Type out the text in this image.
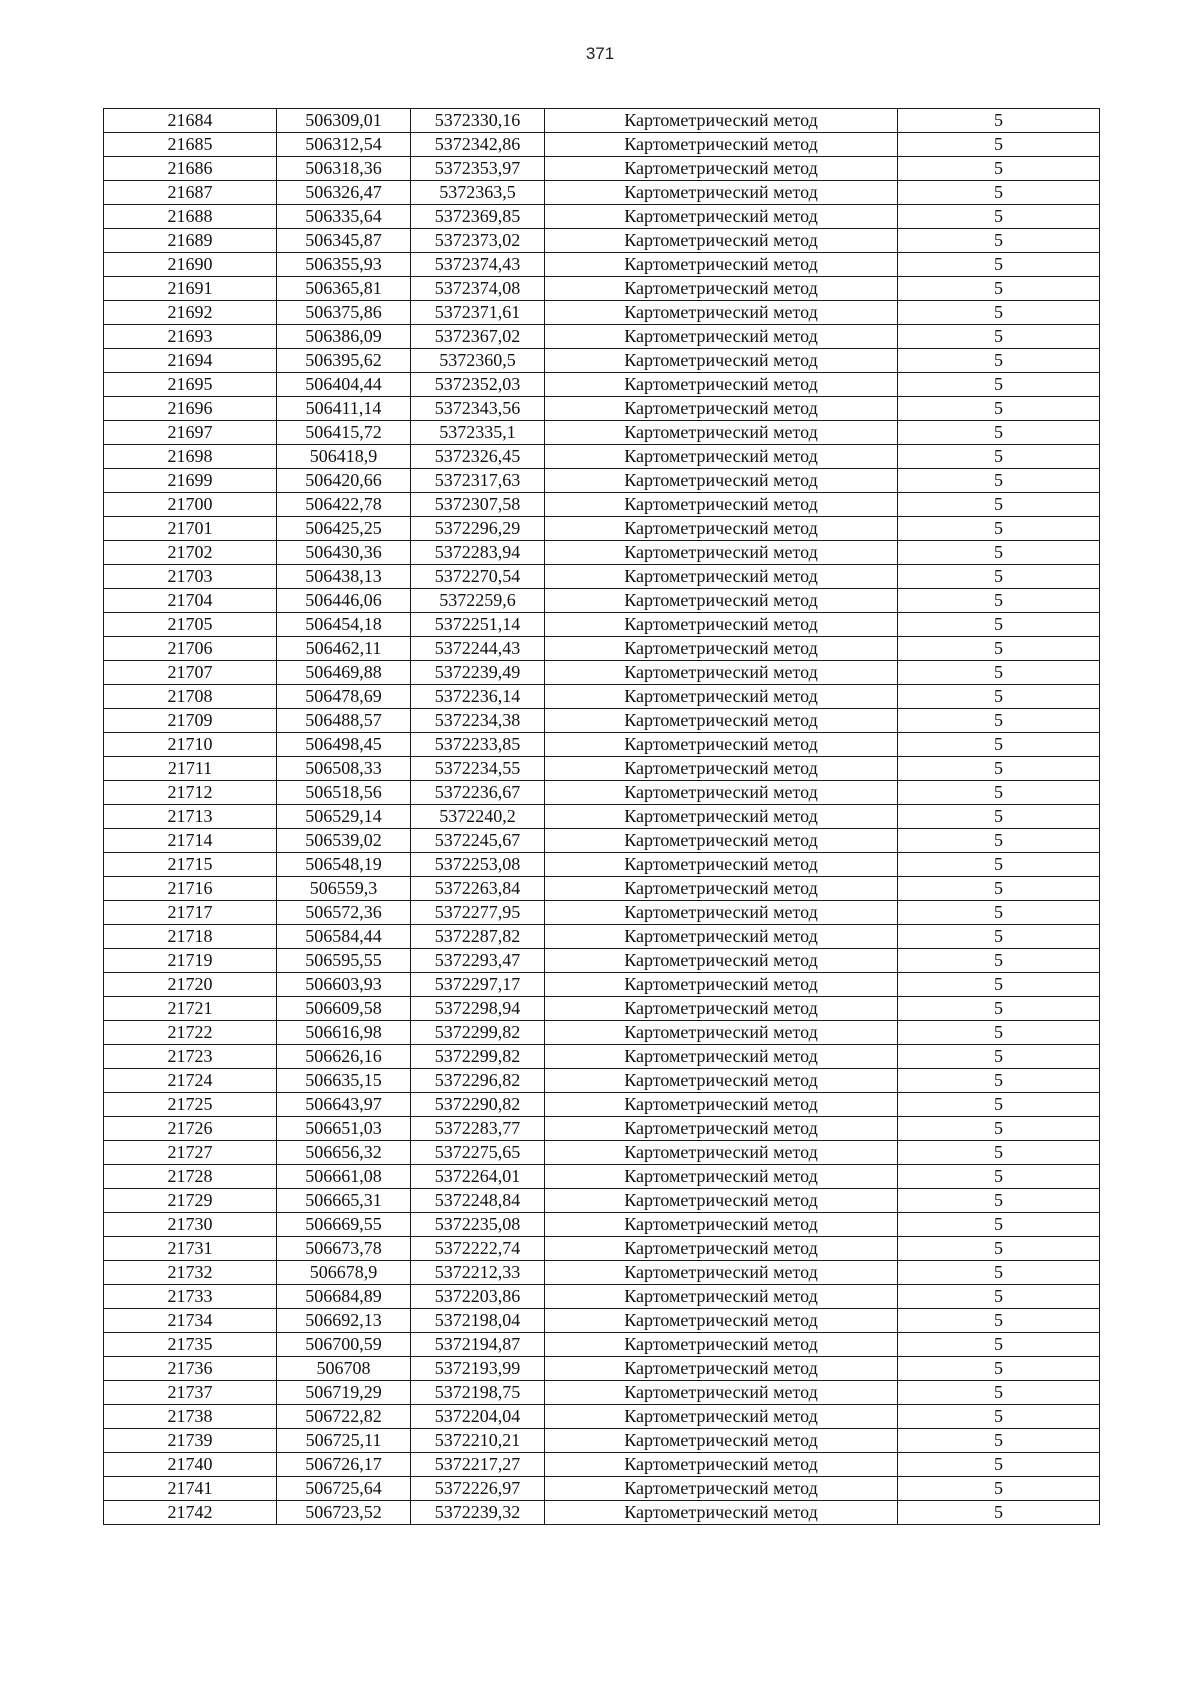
371
21684	506309,01	5372330,16	Картометрический метод	5
21685	506312,54	5372342,86	Картометрический метод	5
21686	506318,36	5372353,97	Картометрический метод	5
21687	506326,47	5372363,5	Картометрический метод	5
21688	506335,64	5372369,85	Картометрический метод	5
21689	506345,87	5372373,02	Картометрический метод	5
21690	506355,93	5372374,43	Картометрический метод	5
21691	506365,81	5372374,08	Картометрический метод	5
21692	506375,86	5372371,61	Картометрический метод	5
21693	506386,09	5372367,02	Картометрический метод	5
21694	506395,62	5372360,5	Картометрический метод	5
21695	506404,44	5372352,03	Картометрический метод	5
21696	506411,14	5372343,56	Картометрический метод	5
21697	506415,72	5372335,1	Картометрический метод	5
21698	506418,9	5372326,45	Картометрический метод	5
21699	506420,66	5372317,63	Картометрический метод	5
21700	506422,78	5372307,58	Картометрический метод	5
21701	506425,25	5372296,29	Картометрический метод	5
21702	506430,36	5372283,94	Картометрический метод	5
21703	506438,13	5372270,54	Картометрический метод	5
21704	506446,06	5372259,6	Картометрический метод	5
21705	506454,18	5372251,14	Картометрический метод	5
21706	506462,11	5372244,43	Картометрический метод	5
21707	506469,88	5372239,49	Картометрический метод	5
21708	506478,69	5372236,14	Картометрический метод	5
21709	506488,57	5372234,38	Картометрический метод	5
21710	506498,45	5372233,85	Картометрический метод	5
21711	506508,33	5372234,55	Картометрический метод	5
21712	506518,56	5372236,67	Картометрический метод	5
21713	506529,14	5372240,2	Картометрический метод	5
21714	506539,02	5372245,67	Картометрический метод	5
21715	506548,19	5372253,08	Картометрический метод	5
21716	506559,3	5372263,84	Картометрический метод	5
21717	506572,36	5372277,95	Картометрический метод	5
21718	506584,44	5372287,82	Картометрический метод	5
21719	506595,55	5372293,47	Картометрический метод	5
21720	506603,93	5372297,17	Картометрический метод	5
21721	506609,58	5372298,94	Картометрический метод	5
21722	506616,98	5372299,82	Картометрический метод	5
21723	506626,16	5372299,82	Картометрический метод	5
21724	506635,15	5372296,82	Картометрический метод	5
21725	506643,97	5372290,82	Картометрический метод	5
21726	506651,03	5372283,77	Картометрический метод	5
21727	506656,32	5372275,65	Картометрический метод	5
21728	506661,08	5372264,01	Картометрический метод	5
21729	506665,31	5372248,84	Картометрический метод	5
21730	506669,55	5372235,08	Картометрический метод	5
21731	506673,78	5372222,74	Картометрический метод	5
21732	506678,9	5372212,33	Картометрический метод	5
21733	506684,89	5372203,86	Картометрический метод	5
21734	506692,13	5372198,04	Картометрический метод	5
21735	506700,59	5372194,87	Картометрический метод	5
21736	506708	5372193,99	Картометрический метод	5
21737	506719,29	5372198,75	Картометрический метод	5
21738	506722,82	5372204,04	Картометрический метод	5
21739	506725,11	5372210,21	Картометрический метод	5
21740	506726,17	5372217,27	Картометрический метод	5
21741	506725,64	5372226,97	Картометрический метод	5
21742	506723,52	5372239,32	Картометрический метод	5
